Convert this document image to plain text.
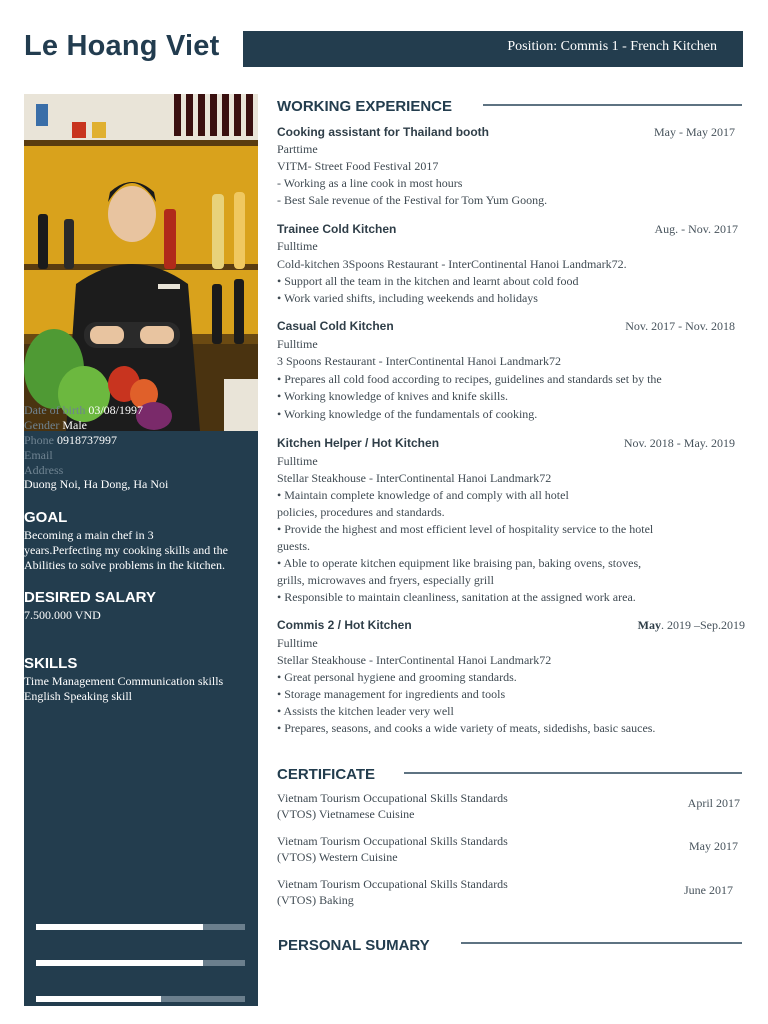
Le Hoang Viet	Position: Commis 1 - French Kitchen
Date of birth 03/08/1997
Gender Male
Phone 0918737997
Email
Address
Duong Noi, Ha Dong, Ha Noi
GOAL
Becoming a main chef in 3
years.Perfecting my cooking skills and the
Abilities to solve problems in the kitchen.
DESIRED SALARY
7.500.000 VND
SKILLS
Time Management Communication skills
English Speaking skill
WORKING EXPERIENCE
Cooking assistant for Thailand booth	May - May 2017
Parttime
VITM- Street Food Festival 2017
- Working as a line cook in most hours
- Best Sale revenue of the Festival for Tom Yum Goong.
Trainee Cold Kitchen	Aug. - Nov. 2017
Fulltime
Cold-kitchen 3Spoons Restaurant - InterContinental Hanoi Landmark72.
• Support all the team in the kitchen and learnt about cold food
• Work varied shifts, including weekends and holidays
Casual Cold Kitchen	Nov. 2017 - Nov. 2018
Fulltime
3 Spoons Restaurant - InterContinental Hanoi Landmark72
• Prepares all cold food according to recipes, guidelines and standards set by the
• Working knowledge of knives and knife skills.
• Working knowledge of the fundamentals of cooking.
Kitchen Helper / Hot Kitchen	Nov. 2018 - May. 2019
Fulltime
Stellar Steakhouse - InterContinental Hanoi Landmark72
• Maintain complete knowledge of and comply with all hotel
policies, procedures and standards.
• Provide the highest and most efficient level of hospitality service to the hotel
guests.
• Able to operate kitchen equipment like braising pan, baking ovens, stoves,
grills, microwaves and fryers, especially grill
• Responsible to maintain cleanliness, sanitation at the assigned work area.
Commis 2 / Hot Kitchen	May. 2019 –Sep.2019
Fulltime
Stellar Steakhouse - InterContinental Hanoi Landmark72
• Great personal hygiene and grooming standards.
• Storage management for ingredients and tools
• Assists the kitchen leader very well
• Prepares, seasons, and cooks a wide variety of meats, sidedishs, basic sauces.
CERTIFICATE
Vietnam Tourism Occupational Skills Standards
(VTOS) Vietnamese Cuisine
April 2017
Vietnam Tourism Occupational Skills Standards
(VTOS) Western Cuisine
May 2017
Vietnam Tourism Occupational Skills Standards
(VTOS) Baking
June 2017
PERSONAL SUMARY
